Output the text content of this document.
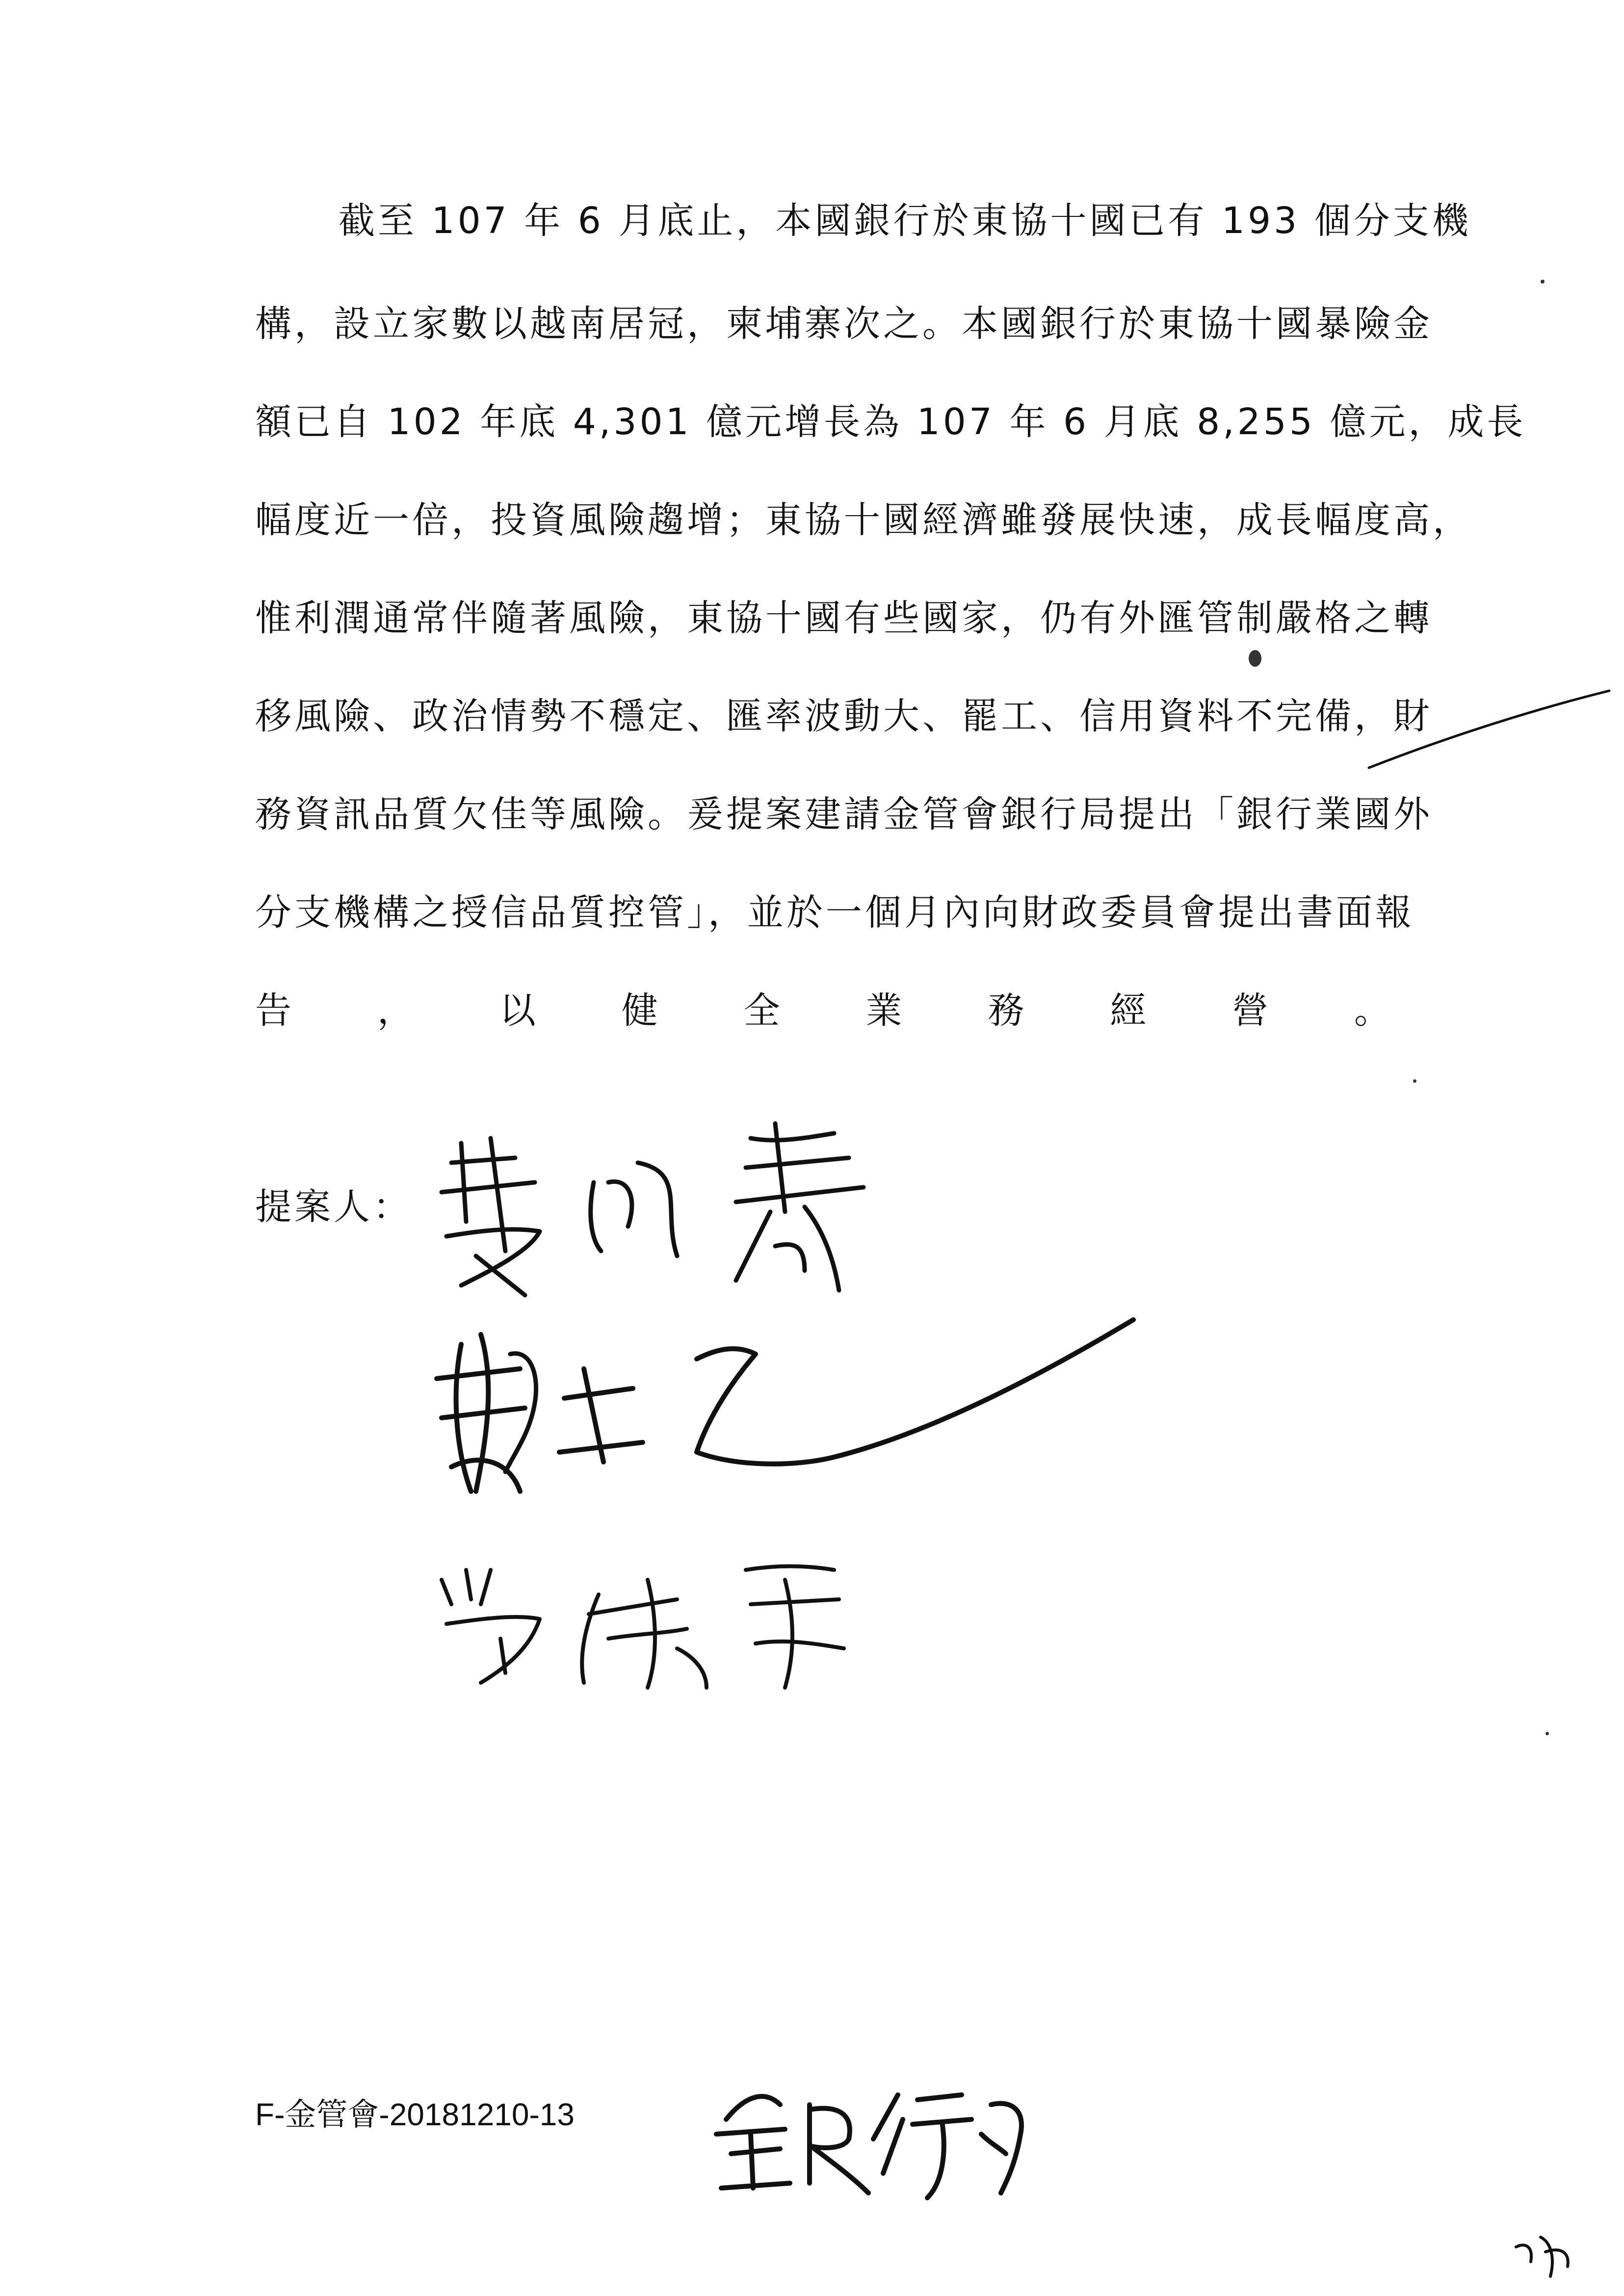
截至 107 年 6 月底止，本國銀行於東協十國已有 193 個分支機
構，設立家數以越南居冠，柬埔寨次之。本國銀行於東協十國暴險金
額已自 102 年底 4,301 億元增長為 107 年 6 月底 8,255 億元，成長
幅度近一倍，投資風險趨增；東協十國經濟雖發展快速，成長幅度高，
惟利潤通常伴隨著風險，東協十國有些國家，仍有外匯管制嚴格之轉
移風險、政治情勢不穩定、匯率波動大、罷工、信用資料不完備，財
務資訊品質欠佳等風險。爰提案建請金管會銀行局提出「銀行業國外
分支機構之授信品質控管」，並於一個月內向財政委員會提出書面報
告，以健全業務經營。
提案人：
F-金管會-20181210-13
